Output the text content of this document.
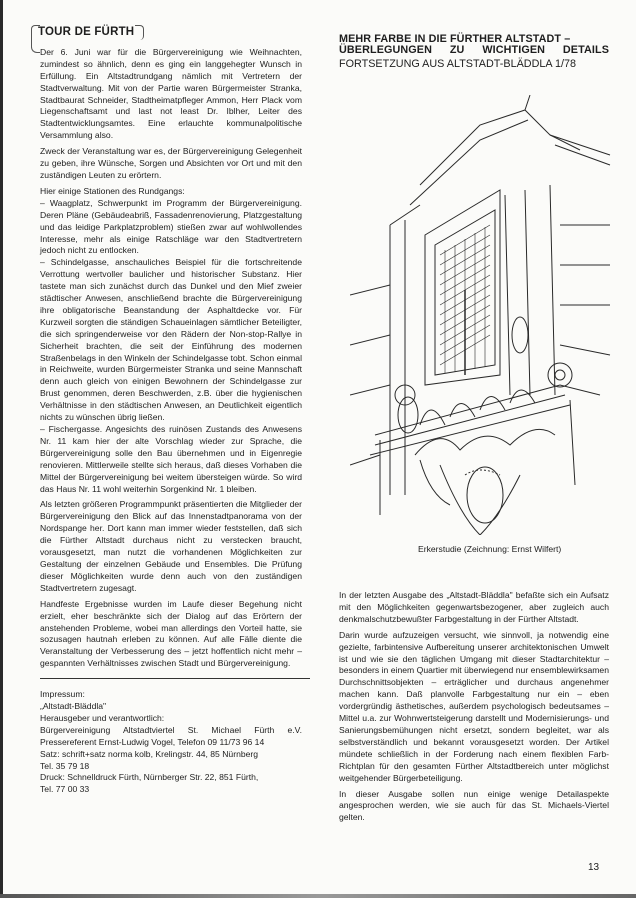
TOUR DE FÜRTH

Der 6. Juni war für die Bürgervereinigung wie Weihnachten, zumindest so ähnlich, denn es ging ein langgehegter Wunsch in Erfüllung. Ein Altstadtrundgang nämlich mit Vertretern der Stadtverwaltung. Mit von der Partie waren Bürgermeister Stranka, Stadtbaurat Schneider, Stadtheimatpfleger Ammon, Herr Plack vom Liegenschaftsamt und last not least Dr. Iblher, Leiter des Stadtentwicklungsamtes. Eine erlauchte kommunalpolitische Versammlung also.

Zweck der Veranstaltung war es, der Bürgervereinigung Gelegenheit zu geben, ihre Wünsche, Sorgen und Absichten vor Ort und mit den zuständigen Leuten zu erörtern.

Hier einige Stationen des Rundgangs:

– Waagplatz, Schwerpunkt im Programm der Bürgervereinigung. Deren Pläne (Gebäudeabriß, Fassadenrenovierung, Platzgestaltung und das leidige Parkplatzproblem) stießen zwar auf wohlwollendes Interesse, mehr als einige Ratschläge war den Stadtvertretern jedoch nicht zu entlocken.

– Schindelgasse, anschauliches Beispiel für die fortschreitende Verrottung wertvoller baulicher und historischer Substanz. Hier tastete man sich zunächst durch das Dunkel und den Mief zweier städtischer Anwesen, anschließend brachte die Bürgervereinigung ihre obligatorische Beanstandung der Asphaltdecke vor. Für Kurzweil sorgten die ständigen Schaueinlagen sämtlicher Beteiligter, die sich springenderweise vor den Rädern der Non-stop-Rallye in Sicherheit brachten, die seit der Einführung des modernen Straßenbelags in den Winkeln der Schindelgasse tobt. Schon einmal in Reichweite, wurden Bürgermeister Stranka und seine Mannschaft denn auch gleich von einigen Bewohnern der Schindelgasse zur Brust genommen, deren Beschwerden, z.B. über die hygienischen Verhältnisse in den städtischen Anwesen, an Deutlichkeit eigentlich nichts zu wünschen übrig ließen.

– Fischergasse. Angesichts des ruinösen Zustands des Anwesens Nr. 11 kam hier der alte Vorschlag wieder zur Sprache, die Bürgervereinigung solle den Bau übernehmen und in Eigenregie renovieren. Mittlerweile stellte sich heraus, daß dieses Vorhaben die Mittel der Bürgervereinigung bei weitem übersteigen würde. So wird das Haus Nr. 11 wohl weiterhin Sorgenkind Nr. 1 bleiben.

Als letzten größeren Programmpunkt präsentierten die Mitglieder der Bürgervereinigung den Blick auf das Innenstadtpanorama von der Nordspange her. Dort kann man immer wieder feststellen, daß sich die Fürther Altstadt durchaus nicht zu verstecken braucht, vorausgesetzt, man nutzt die vorhandenen Möglichkeiten zur Gestaltung der einzelnen Gebäude und Ensembles. Die Prüfung dieser Möglichkeiten wurde denn auch von den zuständigen Stadtvertretern zugesagt.

Handfeste Ergebnisse wurden im Laufe dieser Begehung nicht erzielt, eher beschränkte sich der Dialog auf das Erörtern der anstehenden Probleme, wobei man allerdings den Vorteil hatte, sie sozusagen hautnah erleben zu können. Auf alle Fälle diente die Veranstaltung der Verbesserung des – jetzt hoffentlich nicht mehr – gespannten Verhältnisses zwischen Stadt und Bürgervereinigung.

Impressum:
„Altstadt-Bläddla"
Herausgeber und verantwortlich:
Bürgervereinigung Altstadtviertel St. Michael Fürth e.V.
Pressereferent Ernst-Ludwig Vogel, Telefon 09 11/73 96 14
Satz: schrift+satz norma kolb, Krelingstr. 44, 85 Nürnberg
Tel. 35 79 18
Druck: Schnelldruck Fürth, Nürnberger Str. 22, 851 Fürth,
Tel. 77 00 33
MEHR FARBE IN DIE FÜRTHER ALTSTADT –
ÜBERLEGUNGEN ZU WICHTIGEN DETAILS
FORTSETZUNG AUS ALTSTADT-BLÄDDLA 1/78
Erkerstudie (Zeichnung: Ernst Wilfert)

In der letzten Ausgabe des „Altstadt-Bläddla" befaßte sich ein Aufsatz mit den Möglichkeiten gegenwartsbezogener, aber zugleich auch denkmalschutzbewußter Farbgestaltung in der Fürther Altstadt.

Darin wurde aufzuzeigen versucht, wie sinnvoll, ja notwendig eine gezielte, farbintensive Aufbereitung unserer architektonischen Umwelt ist und wie sie den täglichen Umgang mit dieser Stadtarchitektur – besonders in einem Quartier mit überwiegend nur ensemblewirksamen Durchschnittsobjekten – erträglicher und durchaus angenehmer machen kann. Daß planvolle Farbgestaltung nur ein – eben vordergründig ästhetisches, außerdem psychologisch bedeutsames – Mittel u.a. zur Wohnwertsteigerung darstellt und Modernisierungs- und Sanierungsbemühungen nicht ersetzt, sondern begleitet, war als selbstverständlich und bekannt vorausgesetzt worden. Der Artikel mündete schließlich in der Forderung nach einem flexiblen Farb-Richtplan für den gesamten Fürther Altstadtbereich unter möglichst weitgehender Bürgerbeteiligung.

In dieser Ausgabe sollen nun einige wenige Detailaspekte angesprochen werden, wie sie auch für das St. Michaels-Viertel gelten.

13
